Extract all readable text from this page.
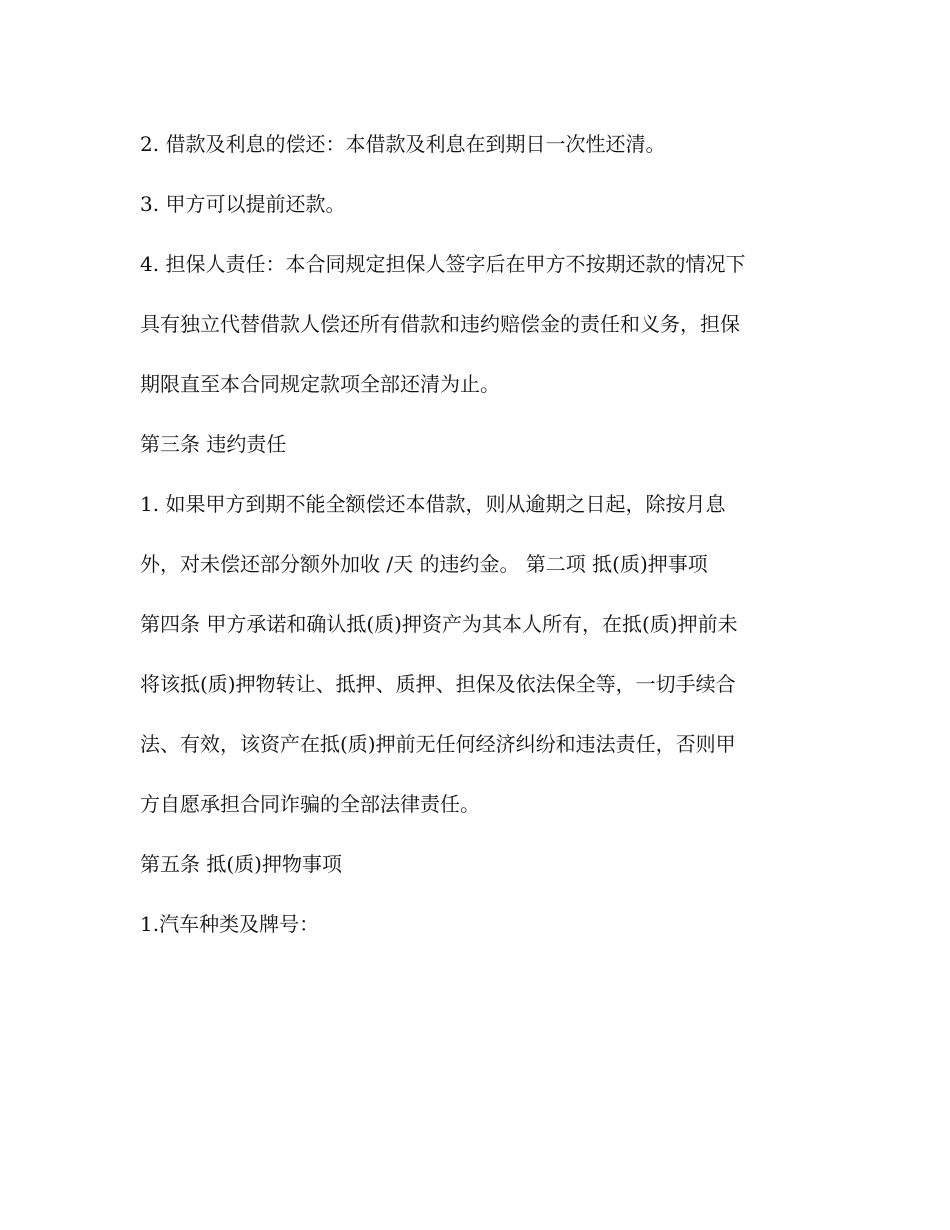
2. 借款及利息的偿还：本借款及利息在到期日一次性还清。
3. 甲方可以提前还款。
4. 担保人责任：本合同规定担保人签字后在甲方不按期还款的情况下
具有独立代替借款人偿还所有借款和违约赔偿金的责任和义务，担保
期限直至本合同规定款项全部还清为止。
第三条 违约责任
1. 如果甲方到期不能全额偿还本借款，则从逾期之日起，除按月息
外，对未偿还部分额外加收 /天 的违约金。 第二项 抵(质)押事项
第四条 甲方承诺和确认抵(质)押资产为其本人所有，在抵(质)押前未
将该抵(质)押物转让、抵押、质押、担保及依法保全等，一切手续合
法、有效，该资产在抵(质)押前无任何经济纠纷和违法责任，否则甲
方自愿承担合同诈骗的全部法律责任。
第五条 抵(质)押物事项
1.汽车种类及牌号：
